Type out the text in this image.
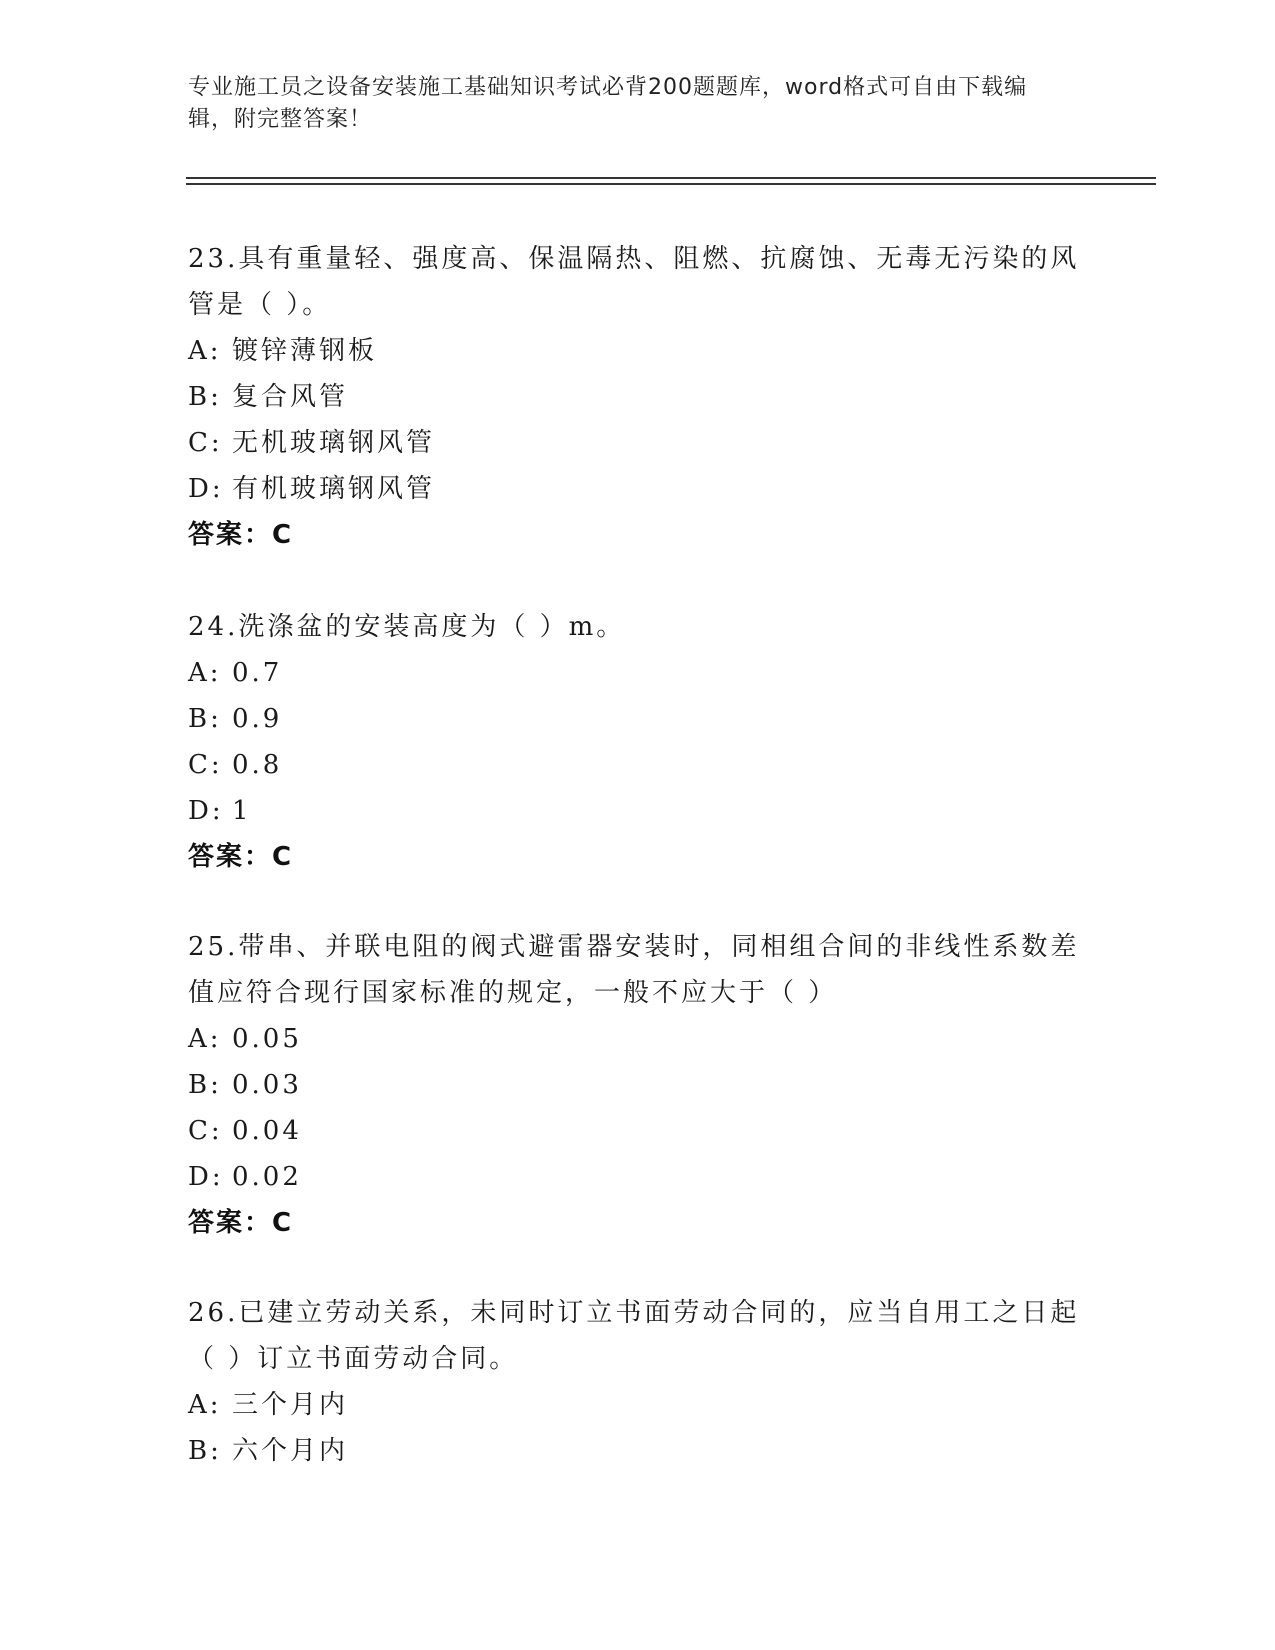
专业施工员之设备安装施工基础知识考试必背200题题库，word格式可自由下载编辑，附完整答案！
23.具有重量轻、强度高、保温隔热、阻燃、抗腐蚀、无毒无污染的风管是（ ）。
A: 镀锌薄钢板
B: 复合风管
C: 无机玻璃钢风管
D: 有机玻璃钢风管
答案：C
24.洗涤盆的安装高度为（ ）m。
A: 0.7
B: 0.9
C: 0.8
D: 1
答案：C
25.带串、并联电阻的阀式避雷器安装时，同相组合间的非线性系数差值应符合现行国家标准的规定，一般不应大于（ ）
A: 0.05
B: 0.03
C: 0.04
D: 0.02
答案：C
26.已建立劳动关系，未同时订立书面劳动合同的，应当自用工之日起（ ）订立书面劳动合同。
A: 三个月内
B: 六个月内
